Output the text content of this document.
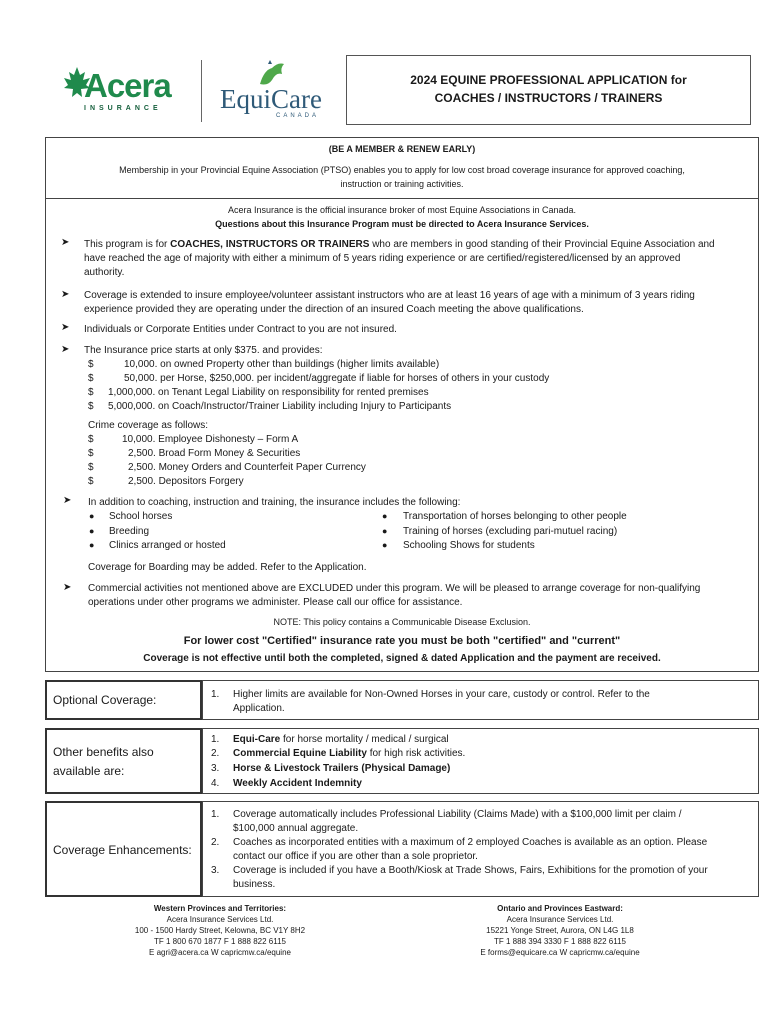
Acera
INSURANCE EquiCare
CANADA
2024 EQUINE PROFESSIONAL APPLICATION for
COACHES / INSTRUCTORS / TRAINERS
(BE A MEMBER & RENEW EARLY)
Membership in your Provincial Equine Association (PTSO) enables you to apply for low cost broad coverage insurance for approved coaching,
instruction or training activities.
Acera Insurance is the official insurance broker of most Equine Associations in Canada.
Questions about this Insurance Program must be directed to Acera Insurance Services.
➤ This program is for COACHES, INSTRUCTORS OR TRAINERS who are members in good standing of their Provincial Equine Association and
have reached the age of majority with either a minimum of 5 years riding experience or are certified/registered/licensed by an approved
authority.
➤ Coverage is extended to insure employee/volunteer assistant instructors who are at least 16 years of age with a minimum of 3 years riding
experience provided they are operating under the direction of an insured Coach meeting the above qualifications.
➤ Individuals or Corporate Entities under Contract to you are not insured.
➤ The Insurance price starts at only $375. and provides:
$	10,000. on owned Property other than buildings (higher limits available)
$	50,000. per Horse, $250,000. per incident/aggregate if liable for horses of others in your custody
$ 1,000,000. on Tenant Legal Liability on responsibility for rented premises
$ 5,000,000. on Coach/Instructor/Trainer Liability including Injury to Participants
Crime coverage as follows:
$	10,000. Employee Dishonesty – Form A
$	2,500. Broad Form Money & Securities
$	2,500. Money Orders and Counterfeit Paper Currency
$	2,500. Depositors Forgery
➤ In addition to coaching, instruction and training, the insurance includes the following:
● School horses
● Breeding
● Clinics arranged or hosted
● Transportation of horses belonging to other people
● Training of horses (excluding pari-mutuel racing)
● Schooling Shows for students
Coverage for Boarding may be added. Refer to the Application.
➤ Commercial activities not mentioned above are EXCLUDED under this program. We will be pleased to arrange coverage for non-qualifying
operations under other programs we administer. Please call our office for assistance.
NOTE: This policy contains a Communicable Disease Exclusion.
For lower cost "Certified" insurance rate you must be both "certified" and "current"
Coverage is not effective until both the completed, signed & dated Application and the payment are received.
Optional Coverage:	1. Higher limits are available for Non-Owned Horses in your care, custody or control. Refer to the
Application.
Other benefits also
available are:
1. Equi-Care for horse mortality / medical / surgical
2. Commercial Equine Liability for high risk activities.
3. Horse & Livestock Trailers (Physical Damage)
4. Weekly Accident Indemnity
Coverage Enhancements:
1. Coverage automatically includes Professional Liability (Claims Made) with a $100,000 limit per claim /
$100,000 annual aggregate.
2. Coaches as incorporated entities with a maximum of 2 employed Coaches is available as an option. Please
contact our office if you are other than a sole proprietor.
3. Coverage is included if you have a Booth/Kiosk at Trade Shows, Fairs, Exhibitions for the promotion of your
business.
Western Provinces and Territories:
Acera Insurance Services Ltd.
100 - 1500 Hardy Street, Kelowna, BC V1Y 8H2
TF 1 800 670 1877 F 1 888 822 6115
E agri@acera.ca W capricmw.ca/equine
Ontario and Provinces Eastward:
Acera Insurance Services Ltd.
15221 Yonge Street, Aurora, ON L4G 1L8
TF 1 888 394 3330 F 1 888 822 6115
E forms@equicare.ca W capricmw.ca/equine
